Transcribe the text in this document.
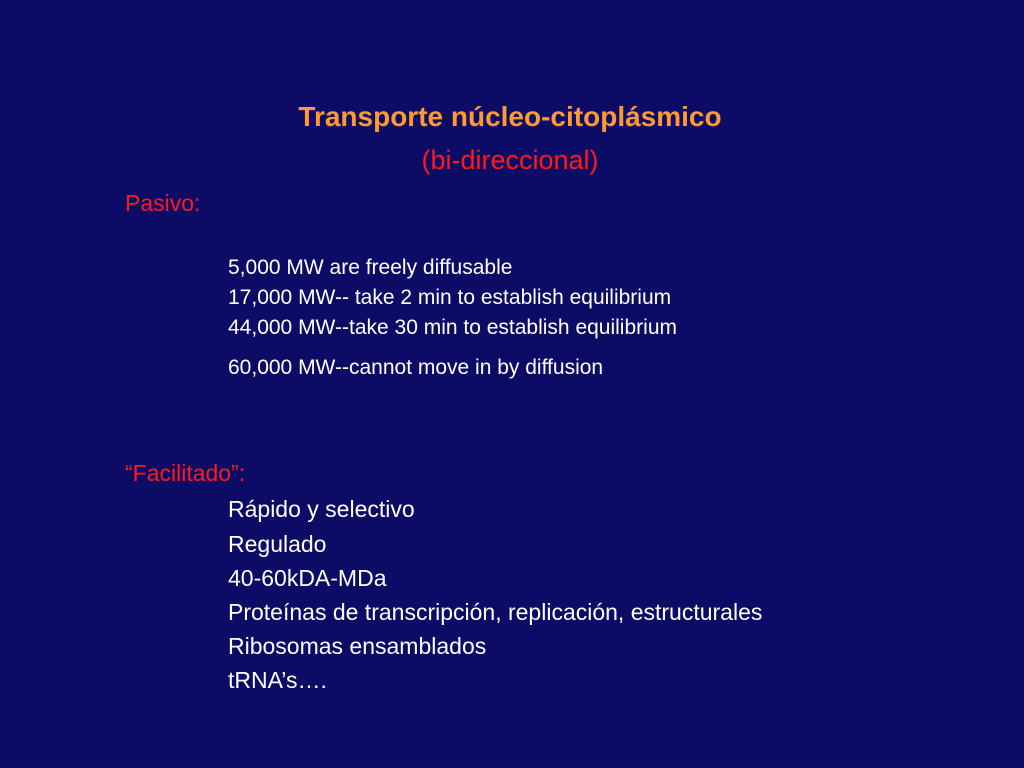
Transporte núcleo-citoplásmico
(bi-direccional)
Pasivo:
5,000 MW are freely diffusable
17,000 MW-- take 2 min to establish equilibrium
44,000 MW--take 30 min to establish equilibrium
60,000 MW--cannot move in by diffusion
“Facilitado”:
Rápido y selectivo
Regulado
40-60kDA-MDa
Proteínas de transcripción, replicación, estructurales
Ribosomas ensamblados
tRNA’s….
